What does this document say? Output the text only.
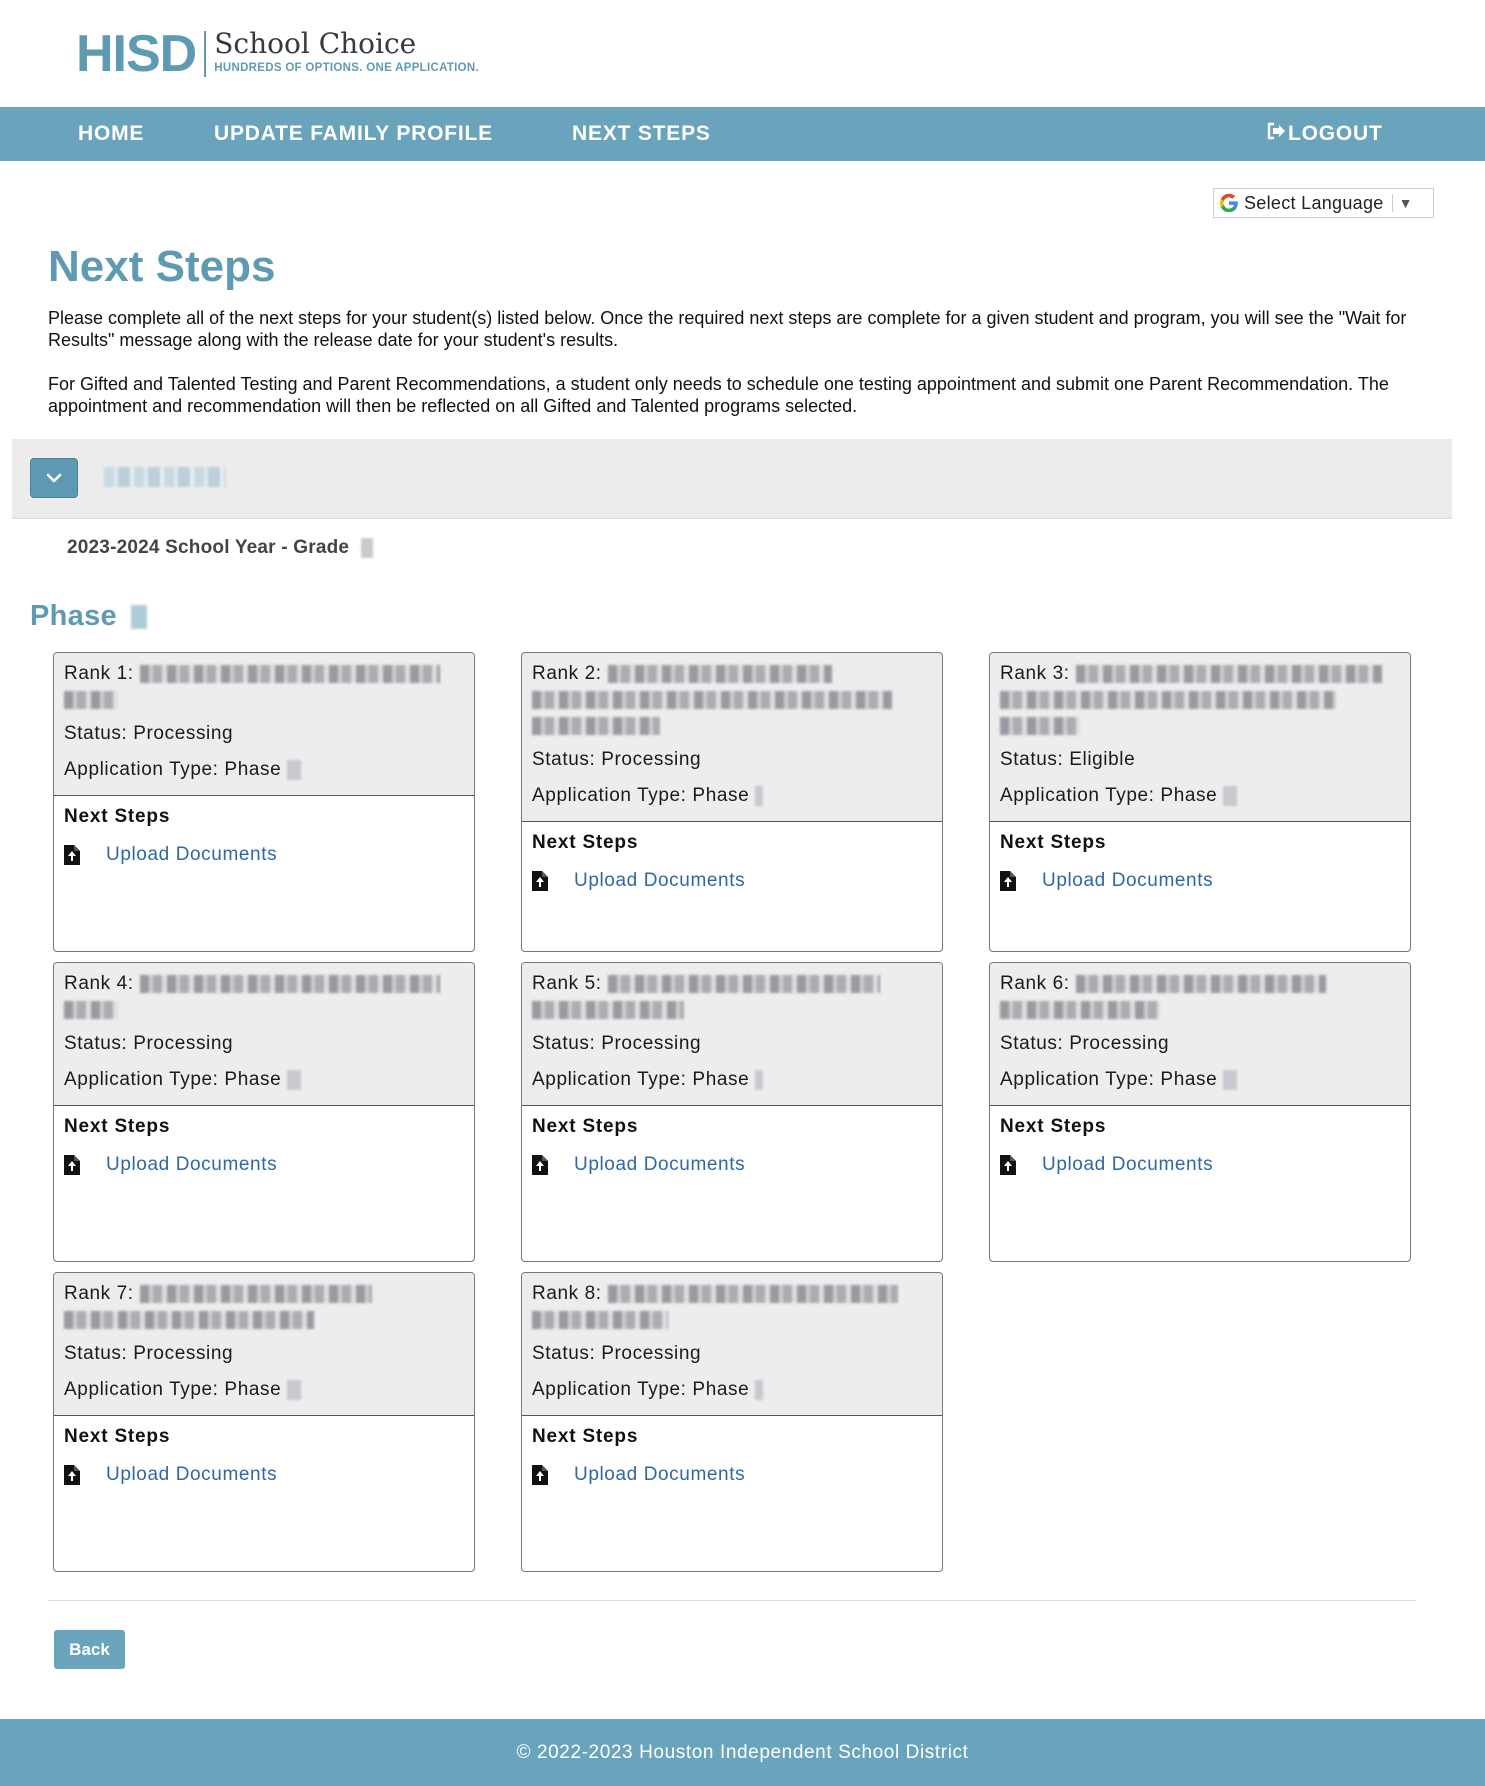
HISD School Choice
HUNDREDS OF OPTIONS. ONE APPLICATION.
HOME	UPDATE FAMILY PROFILE	NEXT STEPS	LOGOUT
Select Language ▼
Next Steps

Please complete all of the next steps for your student(s) listed below. Once the required next steps are complete for a given student and program, you will see the "Wait for Results" message along with the release date for your student's results.

For Gifted and Talented Testing and Parent Recommendations, a student only needs to schedule one testing appointment and submit one Parent Recommendation. The appointment and recommendation will then be reflected on all Gifted and Talented programs selected.

2023-2024 School Year - Grade
Phase
Rank 1:

Status: Processing
Application Type: Phase
Next Steps
Upload Documents
Rank 2:

Status: Processing
Application Type: Phase
Next Steps
Upload Documents
Rank 3:

Status: Eligible
Application Type: Phase
Next Steps
Upload Documents
Rank 4:

Status: Processing
Application Type: Phase
Next Steps
Upload Documents
Rank 5:

Status: Processing
Application Type: Phase
Next Steps
Upload Documents
Rank 6:

Status: Processing
Application Type: Phase
Next Steps
Upload Documents
Rank 7:

Status: Processing
Application Type: Phase
Next Steps
Upload Documents
Rank 8:

Status: Processing
Application Type: Phase
Next Steps
Upload Documents
Back
© 2022-2023 Houston Independent School District
